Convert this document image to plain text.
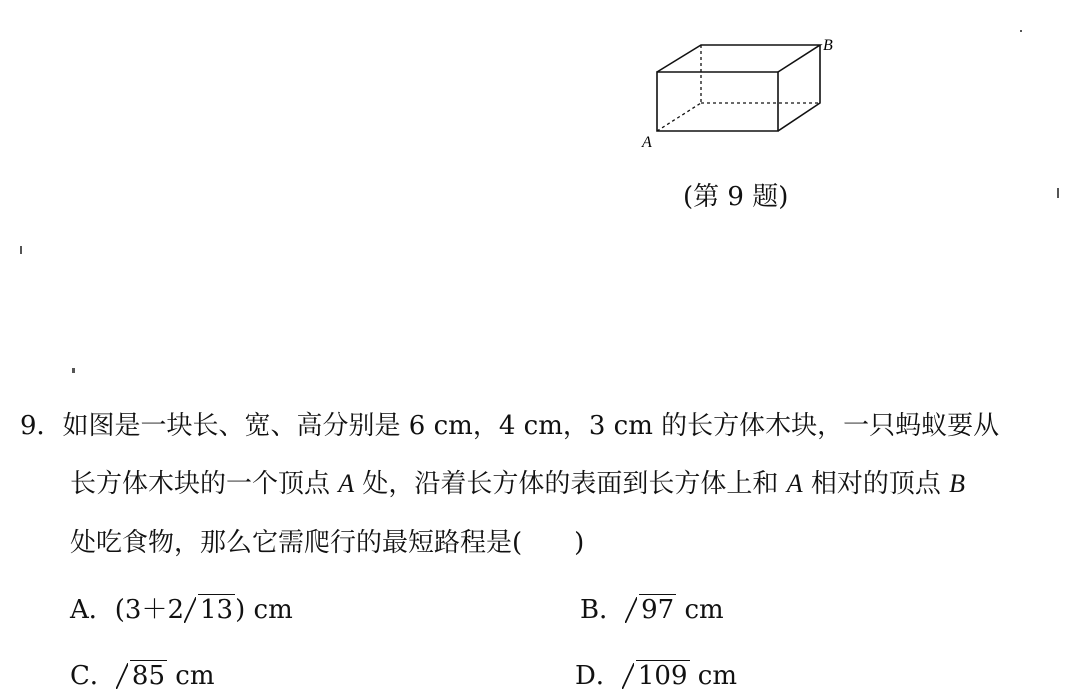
A
B
(第 9 题)
9．如图是一块长、宽、高分别是 6 cm，4 cm，3 cm 的长方体木块，一只蚂蚁要从
长方体木块的一个顶点 A 处，沿着长方体的表面到长方体上和 A 相对的顶点 B
处吃食物，那么它需爬行的最短路程是(　　)
A．(3＋2 13) cm	B． 97 cm
C． 85 cm	D． 109 cm
